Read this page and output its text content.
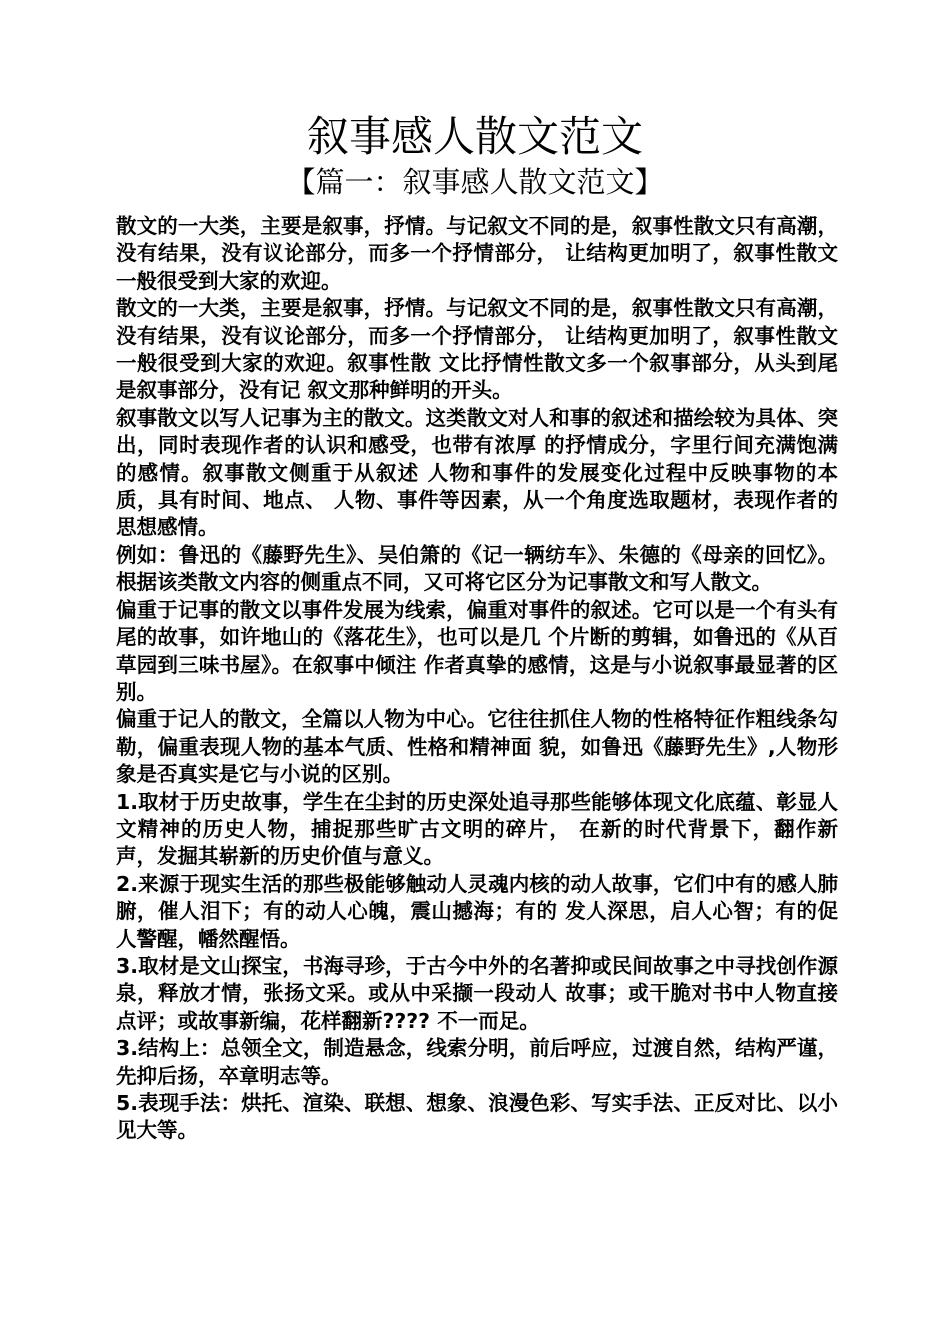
叙事感人散文范文
【篇一：叙事感人散文范文】

散文的一大类，主要是叙事，抒情。与记叙文不同的是，叙事性散文只有高潮，没有结果，没有议论部分，而多一个抒情部分， 让结构更加明了，叙事性散文一般很受到大家的欢迎。

散文的一大类，主要是叙事，抒情。与记叙文不同的是，叙事性散文只有高潮，没有结果，没有议论部分，而多一个抒情部分， 让结构更加明了，叙事性散文一般很受到大家的欢迎。叙事性散 文比抒情性散文多一个叙事部分，从头到尾是叙事部分，没有记 叙文那种鲜明的开头。

叙事散文以写人记事为主的散文。这类散文对人和事的叙述和描绘较为具体、突出，同时表现作者的认识和感受，也带有浓厚 的抒情成分，字里行间充满饱满的感情。叙事散文侧重于从叙述 人物和事件的发展变化过程中反映事物的本质，具有时间、地点、 人物、事件等因素，从一个角度选取题材，表现作者的思想感情。

例如：鲁迅的《藤野先生》、吴伯箫的《记一辆纺车》、朱德的《母亲的回忆》。根据该类散文内容的侧重点不同，又可将它区分为记事散文和写人散文。

偏重于记事的散文以事件发展为线索，偏重对事件的叙述。它可以是一个有头有尾的故事，如许地山的《落花生》，也可以是几 个片断的剪辑，如鲁迅的《从百草园到三味书屋》。在叙事中倾注 作者真挚的感情，这是与小说叙事最显著的区别。

偏重于记人的散文，全篇以人物为中心。它往往抓住人物的性格特征作粗线条勾勒，偏重表现人物的基本气质、性格和精神面 貌，如鲁迅《藤野先生》,人物形象是否真实是它与小说的区别。

1.取材于历史故事，学生在尘封的历史深处追寻那些能够体现文化底蕴、彰显人文精神的历史人物，捕捉那些旷古文明的碎片， 在新的时代背景下，翻作新声，发掘其崭新的历史价值与意义。

2.来源于现实生活的那些极能够触动人灵魂内核的动人故事，它们中有的感人肺腑，催人泪下；有的动人心魄，震山撼海；有的 发人深思，启人心智；有的促人警醒，幡然醒悟。

3.取材是文山探宝，书海寻珍，于古今中外的名著抑或民间故事之中寻找创作源泉，释放才情，张扬文采。或从中采撷一段动人 故事；或干脆对书中人物直接点评；或故事新编，花样翻新???? 不一而足。

3.结构上：总领全文，制造悬念，线索分明，前后呼应，过渡自然，结构严谨，先抑后扬，卒章明志等。

5.表现手法：烘托、渲染、联想、想象、浪漫色彩、写实手法、正反对比、以小见大等。
